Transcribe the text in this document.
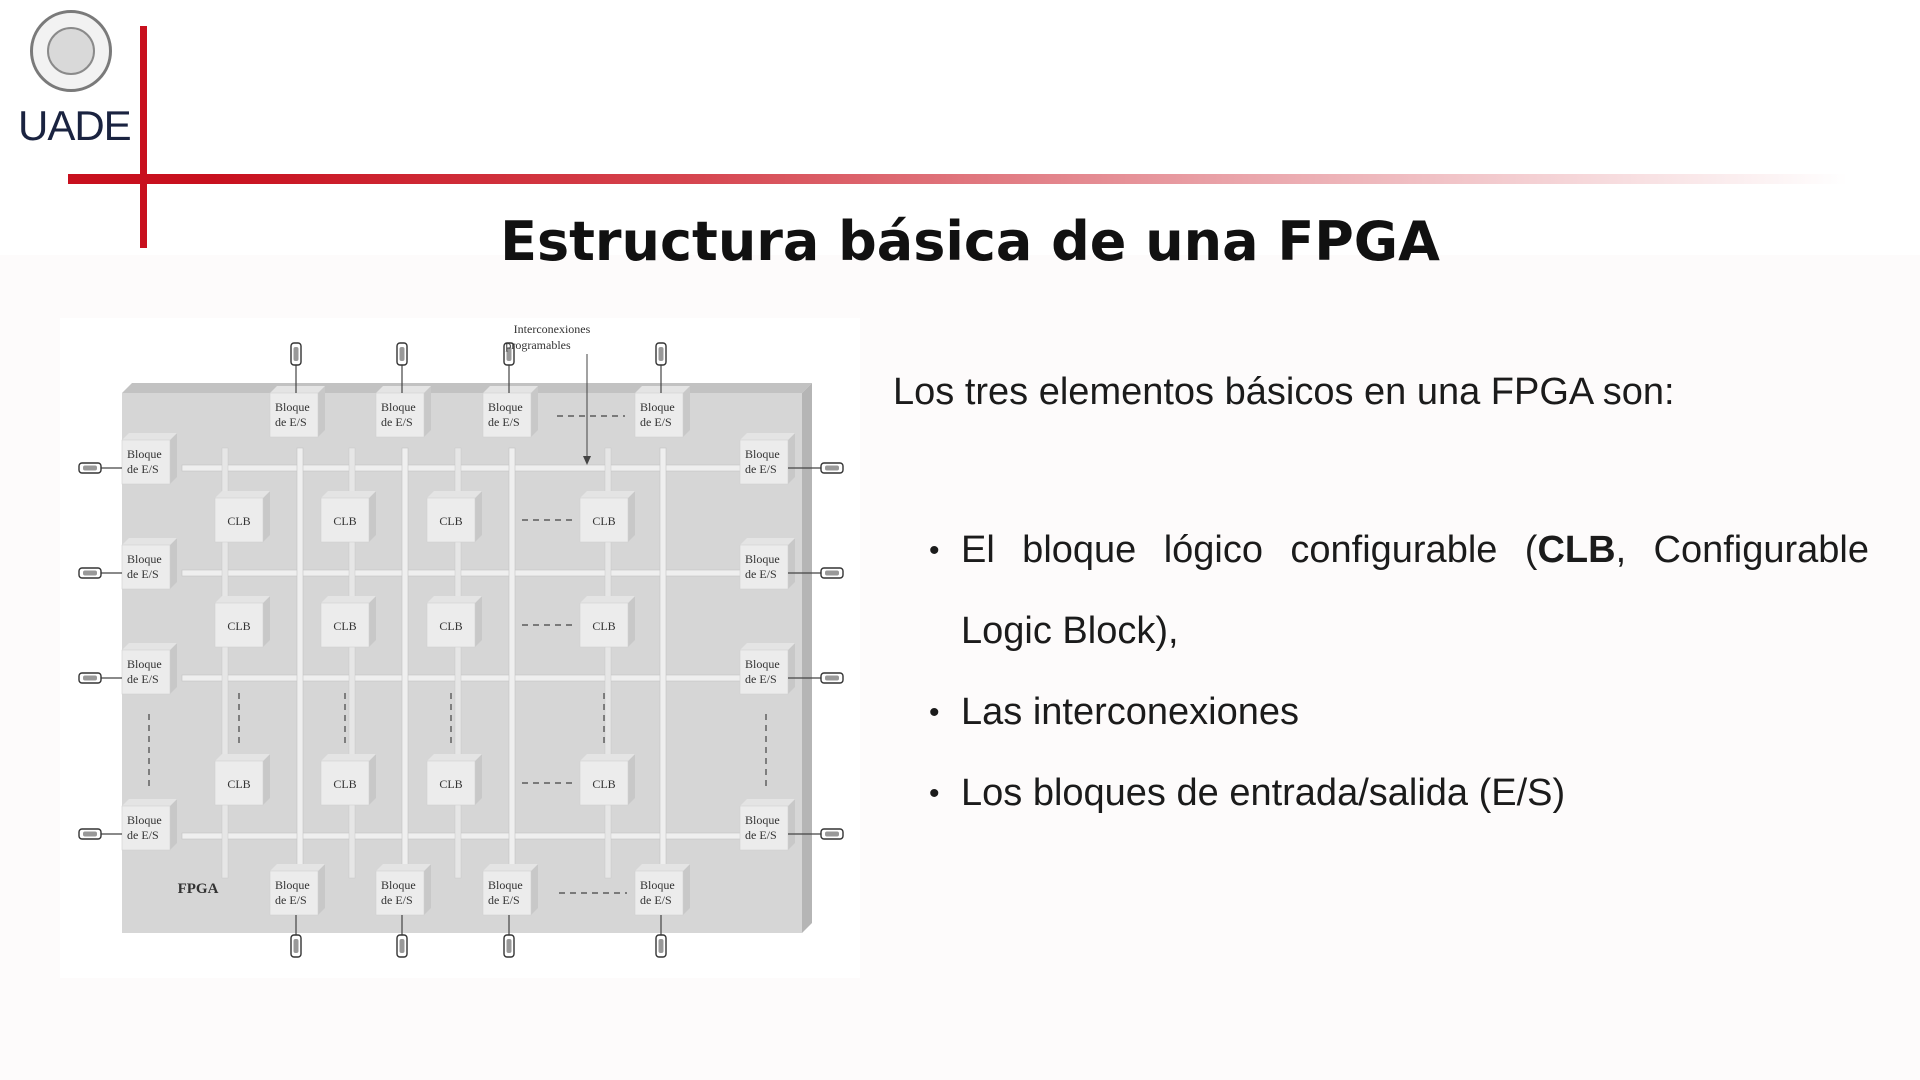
UADE
Estructura básica de una FPGA
Bloque
de E/S
Bloque
de E/S
Bloque
de E/S
Bloque
de E/S
Bloque
de E/S
Bloque
de E/S
Bloque
de E/S
Bloque
de E/S
Bloque
de E/S
Bloque
de E/S
Bloque
de E/S
Bloque
de E/S
Bloque
de E/S
Bloque
de E/S
Bloque
de E/S
Bloque
de E/S
CLB	CLB	CLB	CLB
CLB	CLB	CLB	CLB
CLB	CLB	CLB	CLB
FPGA
Interconexiones
programables

Los tres elementos básicos en una FPGA son:

• El bloque lógico configurable (CLB, Configurable Logic Block),
• Las interconexiones
• Los bloques de entrada/salida (E/S)
